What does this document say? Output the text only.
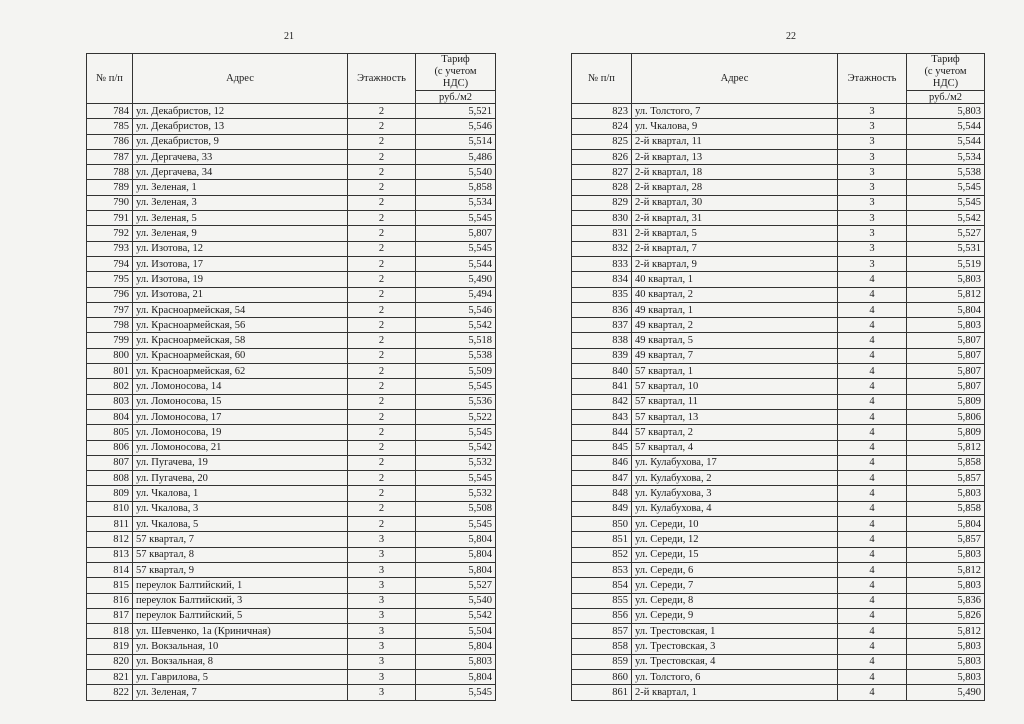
21
№ п/п	Адрес	Этажность	Тариф
(с учетом
НДС)

			руб./м2
784	ул. Декабристов, 12	2	5,521
785	ул. Декабристов, 13	2	5,546
786	ул. Декабристов, 9	2	5,514
787	ул. Дергачева, 33	2	5,486
788	ул. Дергачева, 34	2	5,540
789	ул. Зеленая, 1	2	5,858
790	ул. Зеленая, 3	2	5,534
791	ул. Зеленая, 5	2	5,545
792	ул. Зеленая, 9	2	5,807
793	ул. Изотова, 12	2	5,545
794	ул. Изотова, 17	2	5,544
795	ул. Изотова, 19	2	5,490
796	ул. Изотова, 21	2	5,494
797	ул. Красноармейская, 54	2	5,546
798	ул. Красноармейская, 56	2	5,542
799	ул. Красноармейская, 58	2	5,518
800	ул. Красноармейская, 60	2	5,538
801	ул. Красноармейская, 62	2	5,509
802	ул. Ломоносова, 14	2	5,545
803	ул. Ломоносова, 15	2	5,536
804	ул. Ломоносова, 17	2	5,522
805	ул. Ломоносова, 19	2	5,545
806	ул. Ломоносова, 21	2	5,542
807	ул. Пугачева, 19	2	5,532
808	ул. Пугачева, 20	2	5,545
809	ул. Чкалова, 1	2	5,532
810	ул. Чкалова, 3	2	5,508
811	ул. Чкалова, 5	2	5,545
812	57 квартал, 7	3	5,804
813	57 квартал, 8	3	5,804
814	57 квартал, 9	3	5,804
815	переулок Балтийский, 1	3	5,527
816	переулок Балтийский, 3	3	5,540
817	переулок Балтийский, 5	3	5,542
818	ул. Шевченко, 1а (Криничная)	3	5,504
819	ул. Вокзальная, 10	3	5,804
820	ул. Вокзальная, 8	3	5,803
821	ул. Гаврилова, 5	3	5,804
822	ул. Зеленая, 7	3	5,545
22
№ п/п	Адрес	Этажность	Тариф
(с учетом
НДС)

			руб./м2
823	ул. Толстого, 7	3	5,803
824	ул. Чкалова, 9	3	5,544
825	2-й квартал, 11	3	5,544
826	2-й квартал, 13	3	5,534
827	2-й квартал, 18	3	5,538
828	2-й квартал, 28	3	5,545
829	2-й квартал, 30	3	5,545
830	2-й квартал, 31	3	5,542
831	2-й квартал, 5	3	5,527
832	2-й квартал, 7	3	5,531
833	2-й квартал, 9	3	5,519
834	40 квартал, 1	4	5,803
835	40 квартал, 2	4	5,812
836	49 квартал, 1	4	5,804
837	49 квартал, 2	4	5,803
838	49 квартал, 5	4	5,807
839	49 квартал, 7	4	5,807
840	57 квартал, 1	4	5,807
841	57 квартал, 10	4	5,807
842	57 квартал, 11	4	5,809
843	57 квартал, 13	4	5,806
844	57 квартал, 2	4	5,809
845	57 квартал, 4	4	5,812
846	ул. Кулабухова, 17	4	5,858
847	ул. Кулабухова, 2	4	5,857
848	ул. Кулабухова, 3	4	5,803
849	ул. Кулабухова, 4	4	5,858
850	ул. Середи, 10	4	5,804
851	ул. Середи, 12	4	5,857
852	ул. Середи, 15	4	5,803
853	ул. Середи, 6	4	5,812
854	ул. Середи, 7	4	5,803
855	ул. Середи, 8	4	5,836
856	ул. Середи, 9	4	5,826
857	ул. Трестовская, 1	4	5,812
858	ул. Трестовская, 3	4	5,803
859	ул. Трестовская, 4	4	5,803
860	ул. Толстого, 6	4	5,803
861	2-й квартал, 1	4	5,490
